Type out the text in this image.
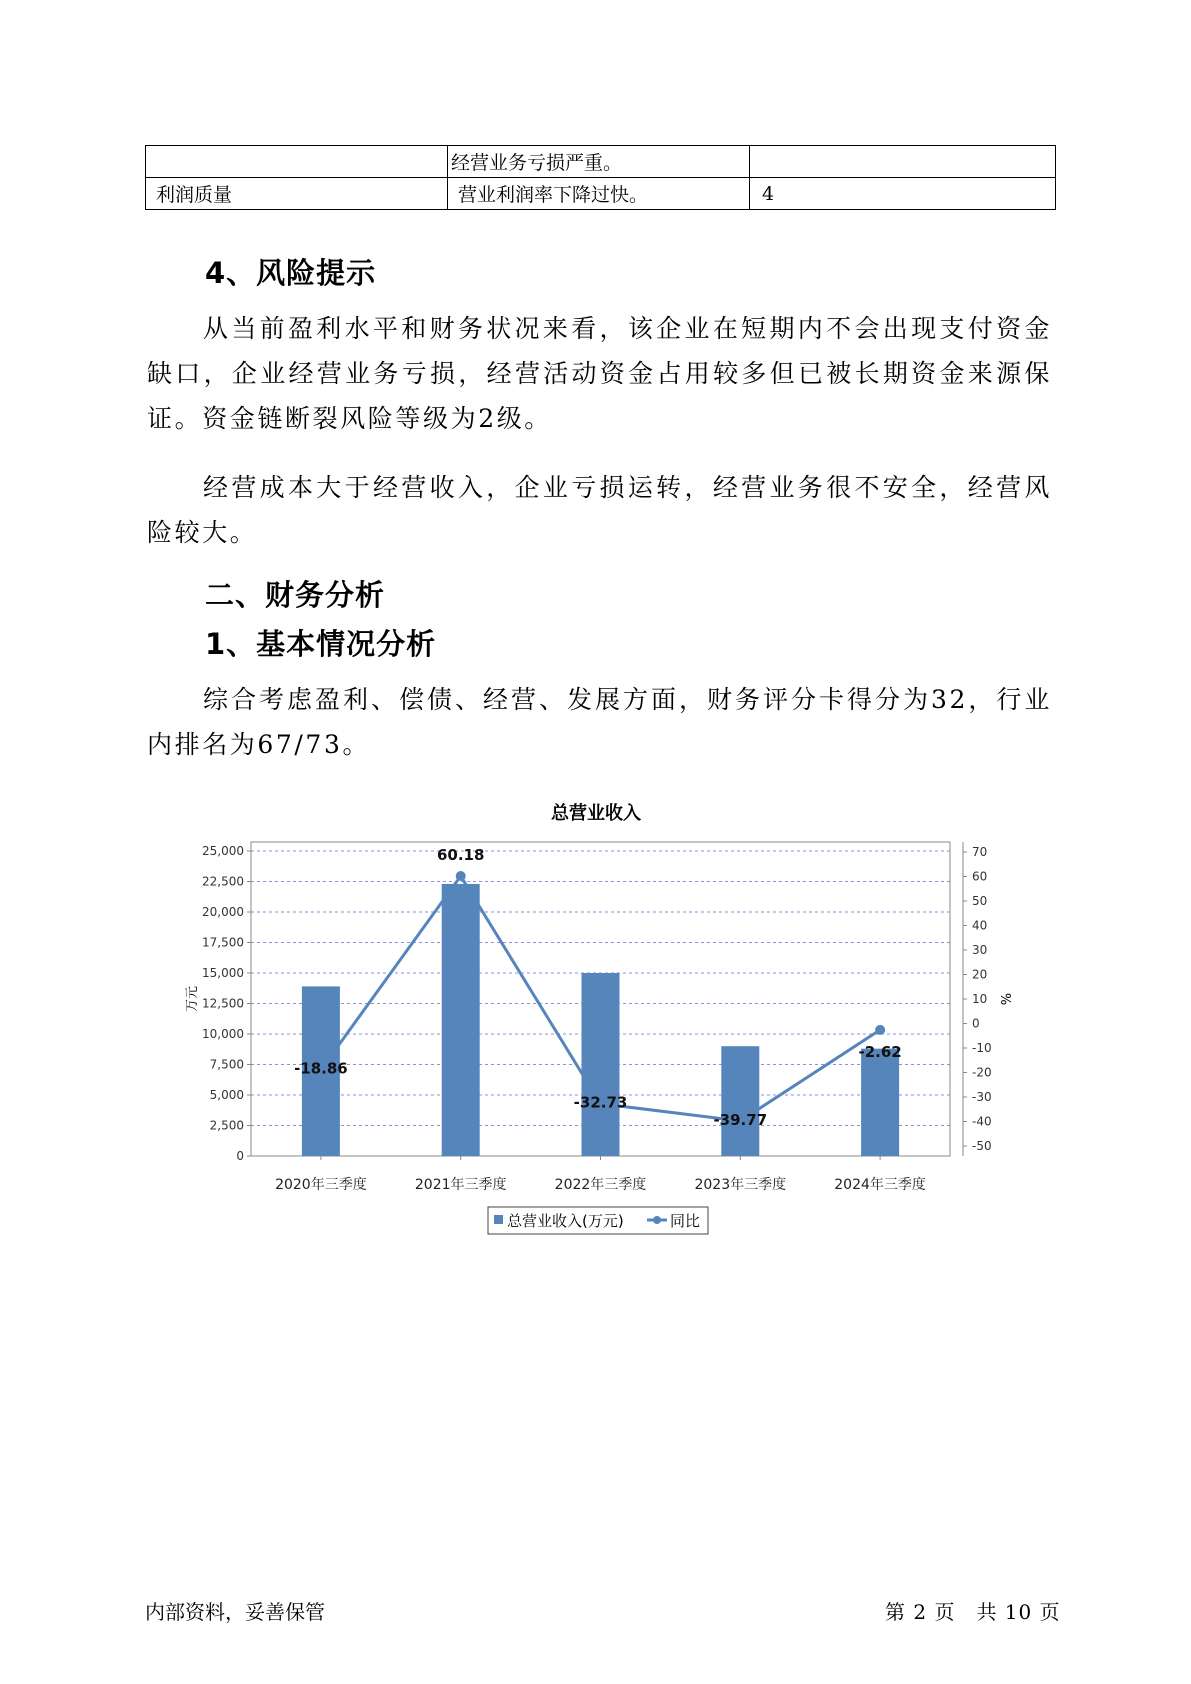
	经营业务亏损严重。	
利润质量	营业利润率下降过快。	4
4、风险提示

从当前盈利水平和财务状况来看，该企业在短期内不会出现支付资金缺口，企业经营业务亏损，经营活动资金占用较多但已被长期资金来源保证。资金链断裂风险等级为2级。

经营成本大于经营收入，企业亏损运转，经营业务很不安全，经营风险较大。

二、财务分析
1、基本情况分析

综合考虑盈利、偿债、经营、发展方面，财务评分卡得分为32，行业内排名为67/73。

总营业收入
-18.86
60.18
-32.73
-39.77
-2.62
0
2,500
5,000
7,500
10,000
12,500
15,000
17,500
20,000
22,500
25,000
-50
-40
-30
-20
-10
0
10
20
30
40
50
60
70
2020年三季度	2021年三季度	2022年三季度	2023年三季度	2024年三季度
万元	%
总营业收入(万元)	同比
内部资料，妥善保管	第 2 页　共 10 页
